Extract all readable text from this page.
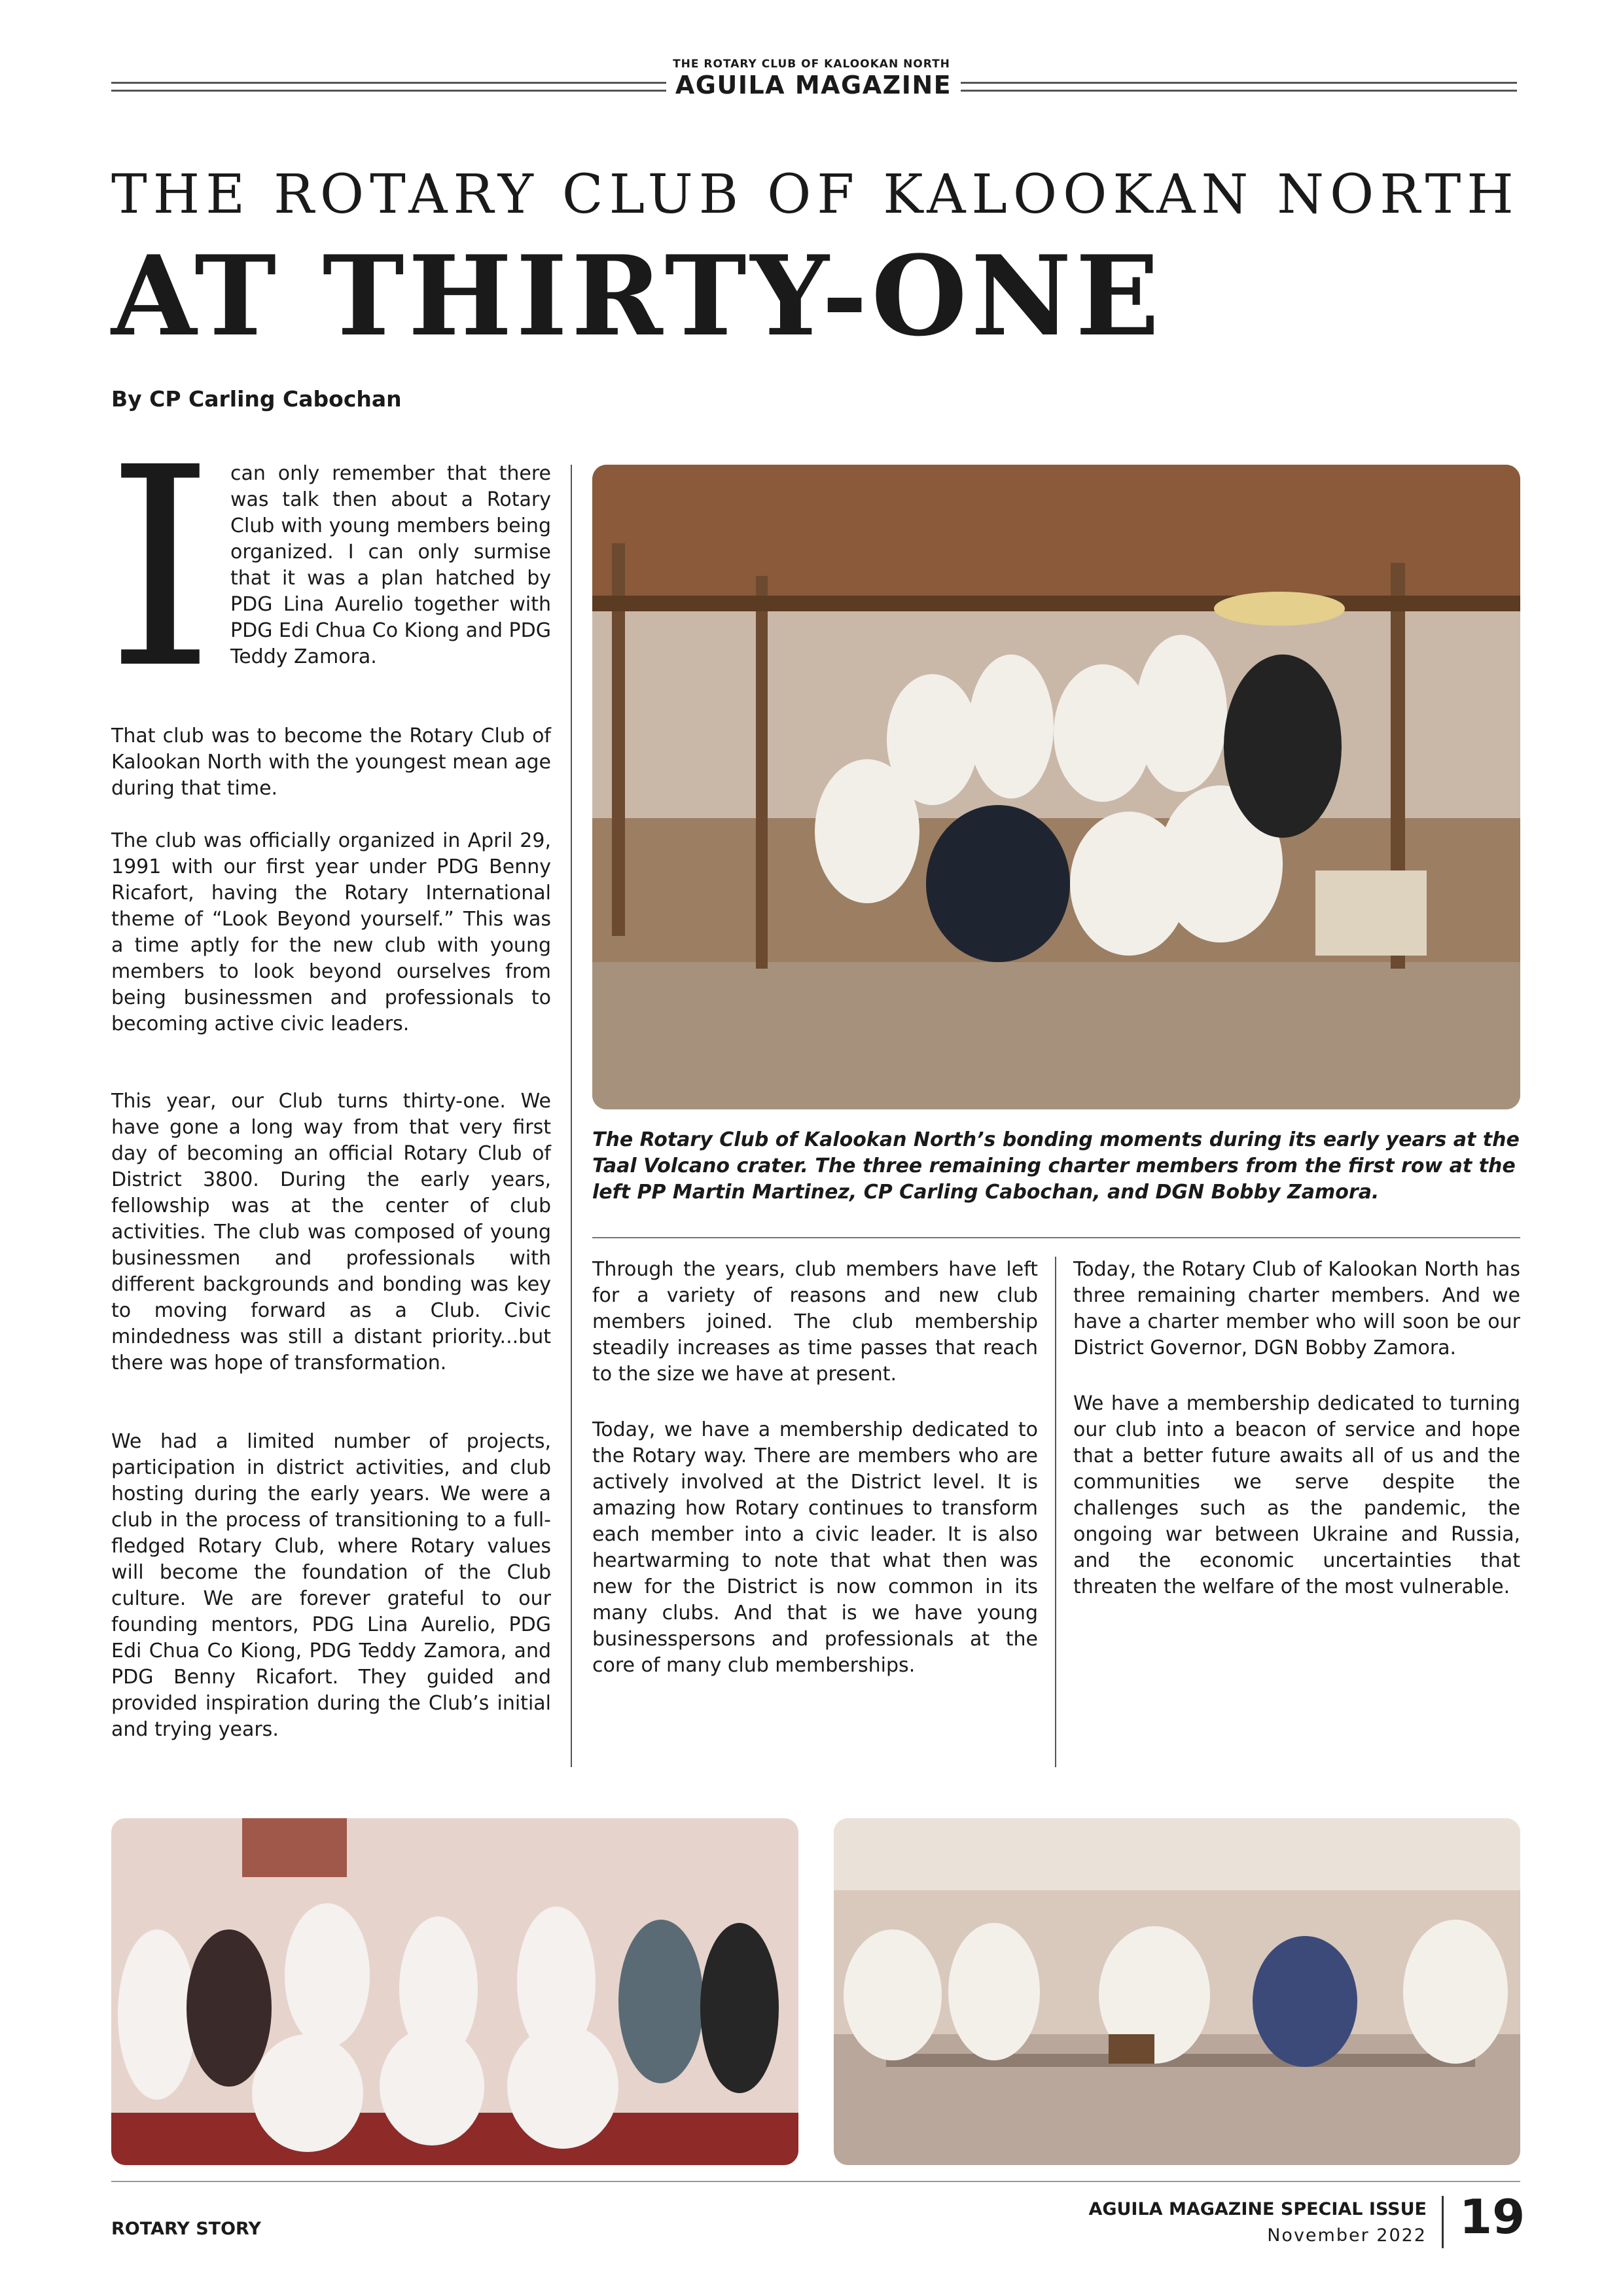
THE ROTARY CLUB OF KALOOKAN NORTH
AGUILA MAGAZINE
THE ROTARY CLUB OF KALOOKAN NORTH
AT THIRTY-ONE
By CP Carling Cabochan
I can only remember that there was talk then about a Rotary Club with young members being organized. I can only surmise that it was a plan hatched by PDG Lina Aurelio together with PDG Edi Chua Co Kiong and PDG Teddy Zamora.
That club was to become the Rotary Club of Kalookan North with the youngest mean age during that time.
The club was officially organized in April 29, 1991 with our first year under PDG Benny Ricafort, having the Rotary International theme of “Look Beyond yourself.” This was a time aptly for the new club with young members to look beyond ourselves from being businessmen and professionals to becoming active civic leaders.
This year, our Club turns thirty-one. We have gone a long way from that very first day of becoming an official Rotary Club of District 3800. During the early years, fellowship was at the center of club activities. The club was composed of young businessmen and professionals with different backgrounds and bonding was key to moving forward as a Club. Civic mindedness was still a distant priority...but there was hope of transformation.
We had a limited number of projects, participation in district activities, and club hosting during the early years. We were a club in the process of transitioning to a full-fledged Rotary Club, where Rotary values will become the foundation of the Club culture. We are forever grateful to our founding mentors, PDG Lina Aurelio, PDG Edi Chua Co Kiong, PDG Teddy Zamora, and PDG Benny Ricafort. They guided and provided inspiration during the Club’s initial and trying years.
The Rotary Club of Kalookan North’s bonding moments during its early years at the Taal Volcano crater. The three remaining charter members from the first row at the left PP Martin Martinez, CP Carling Cabochan, and DGN Bobby Zamora.
Through the years, club members have left for a variety of reasons and new club members joined. The club membership steadily increases as time passes that reach to the size we have at present.
Today, we have a membership dedicated to the Rotary way. There are members who are actively involved at the District level. It is amazing how Rotary continues to transform each member into a civic leader. It is also heartwarming to note that what then was new for the District is now common in its many clubs. And that is we have young businesspersons and professionals at the core of many club memberships.
Today, the Rotary Club of Kalookan North has three remaining charter members. And we have a charter member who will soon be our District Governor, DGN Bobby Zamora.
We have a membership dedicated to turning our club into a beacon of service and hope that a better future awaits all of us and the communities we serve despite the challenges such as the pandemic, the ongoing war between Ukraine and Russia, and the economic uncertainties that threaten the welfare of the most vulnerable.
ROTARY STORY
AGUILA MAGAZINE SPECIAL ISSUE
November 2022 19
